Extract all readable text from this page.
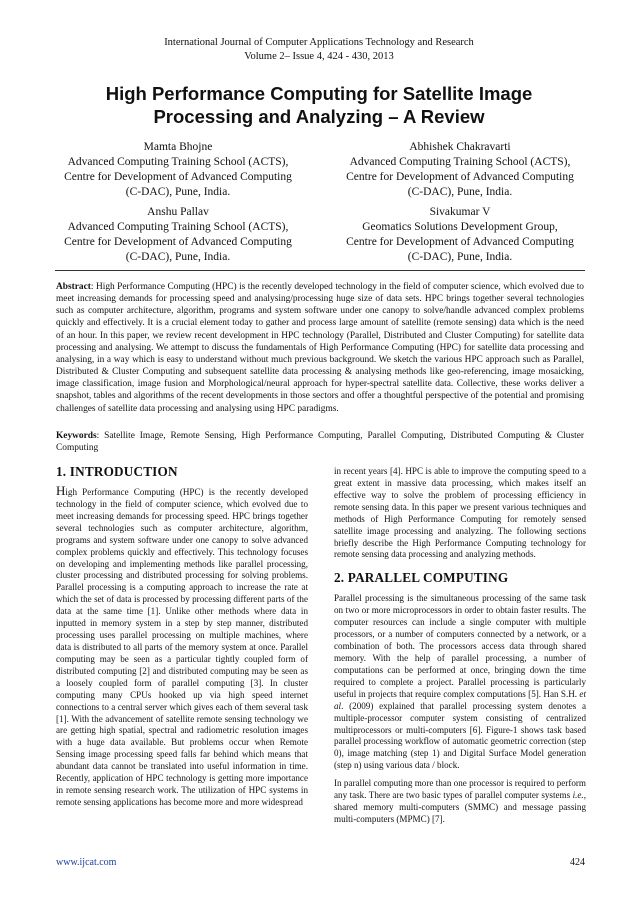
International Journal of Computer Applications Technology and Research
Volume 2– Issue 4, 424 - 430, 2013
High Performance Computing for Satellite Image
Processing and Analyzing – A Review
Mamta Bhojne
Advanced Computing Training School (ACTS),
Centre for Development of Advanced Computing
(C-DAC), Pune, India.
Abhishek Chakravarti
Advanced Computing Training School (ACTS),
Centre for Development of Advanced Computing
(C-DAC), Pune, India.
Anshu Pallav
Advanced Computing Training School (ACTS),
Centre for Development of Advanced Computing
(C-DAC), Pune, India.
Sivakumar V
Geomatics Solutions Development Group,
Centre for Development of Advanced Computing
(C-DAC), Pune, India.
Abstract: High Performance Computing (HPC) is the recently developed technology in the field of computer science, which evolved due to meet increasing demands for processing speed and analysing/processing huge size of data sets. HPC brings together several technologies such as computer architecture, algorithm, programs and system software under one canopy to solve/handle advanced complex problems quickly and effectively. It is a crucial element today to gather and process large amount of satellite (remote sensing) data which is the need of an hour. In this paper, we review recent development in HPC technology (Parallel, Distributed and Cluster Computing) for satellite data processing and analysing. We attempt to discuss the fundamentals of High Performance Computing (HPC) for satellite data processing and analysing, in a way which is easy to understand without much previous background. We sketch the various HPC approach such as Parallel, Distributed & Cluster Computing and subsequent satellite data processing & analysing methods like geo-referencing, image mosaicking, image classification, image fusion and Morphological/neural approach for hyper-spectral satellite data. Collective, these works deliver a snapshot, tables and algorithms of the recent developments in those sectors and offer a thoughtful perspective of the potential and promising challenges of satellite data processing and analysing using HPC paradigms.
Keywords: Satellite Image, Remote Sensing, High Performance Computing, Parallel Computing, Distributed Computing & Cluster Computing
1. INTRODUCTION

High Performance Computing (HPC) is the recently developed technology in the field of computer science, which evolved due to meet increasing demands for processing speed. HPC brings together several technologies such as computer architecture, algorithm, programs and system software under one canopy to solve advanced complex problems quickly and effectively. This technology focuses on developing and implementing methods like parallel processing, cluster processing and distributed processing for solving problems. Parallel processing is a computing approach to increase the rate at which the set of data is processed by processing different parts of the data at the same time [1]. Unlike other methods where data in inputted in memory system in a step by step manner, distributed processing uses parallel processing on multiple machines, where data is distributed to all parts of the memory system at once. Parallel computing may be seen as a particular tightly coupled form of distributed computing [2] and distributed computing may be seen as a loosely coupled form of parallel computing [3]. In cluster computing many CPUs hooked up via high speed internet connections to a central server which gives each of them several task [1]. With the advancement of satellite remote sensing technology we are getting high spatial, spectral and radiometric resolution images with a huge data available. But problems occur when Remote Sensing image processing speed falls far behind which means that abundant data cannot be translated into useful information in time. Recently, application of HPC technology is getting more importance in remote sensing research work. The utilization of HPC systems in remote sensing applications has become more and more widespread

in recent years [4]. HPC is able to improve the computing speed to a great extent in massive data processing, which makes itself an effective way to solve the problem of processing efficiency in remote sensing data. In this paper we present various techniques and methods of High Performance Computing for remotely sensed satellite image processing and analyzing. The following sections briefly describe the High Performance Computing technology for remote sensing data processing and analyzing methods.

2. PARALLEL COMPUTING

Parallel processing is the simultaneous processing of the same task on two or more microprocessors in order to obtain faster results. The computer resources can include a single computer with multiple processors, or a number of computers connected by a network, or a combination of both. The processors access data through shared memory. With the help of parallel processing, a number of computations can be performed at once, bringing down the time required to complete a project. Parallel processing is particularly useful in projects that require complex computations [5]. Han S.H. et al. (2009) explained that parallel processing system denotes a multiple-processor computer system consisting of centralized multiprocessors or multi-computers [6]. Figure-1 shows task based parallel processing workflow of automatic geometric correction (step 0), image matching (step 1) and Digital Surface Model generation (step n) using various data / block.

In parallel computing more than one processor is required to perform any task. There are two basic types of parallel computer systems i.e., shared memory multi-computers (SMMC) and message passing multi-computers (MPMC) [7].

www.ijcat.com	424
